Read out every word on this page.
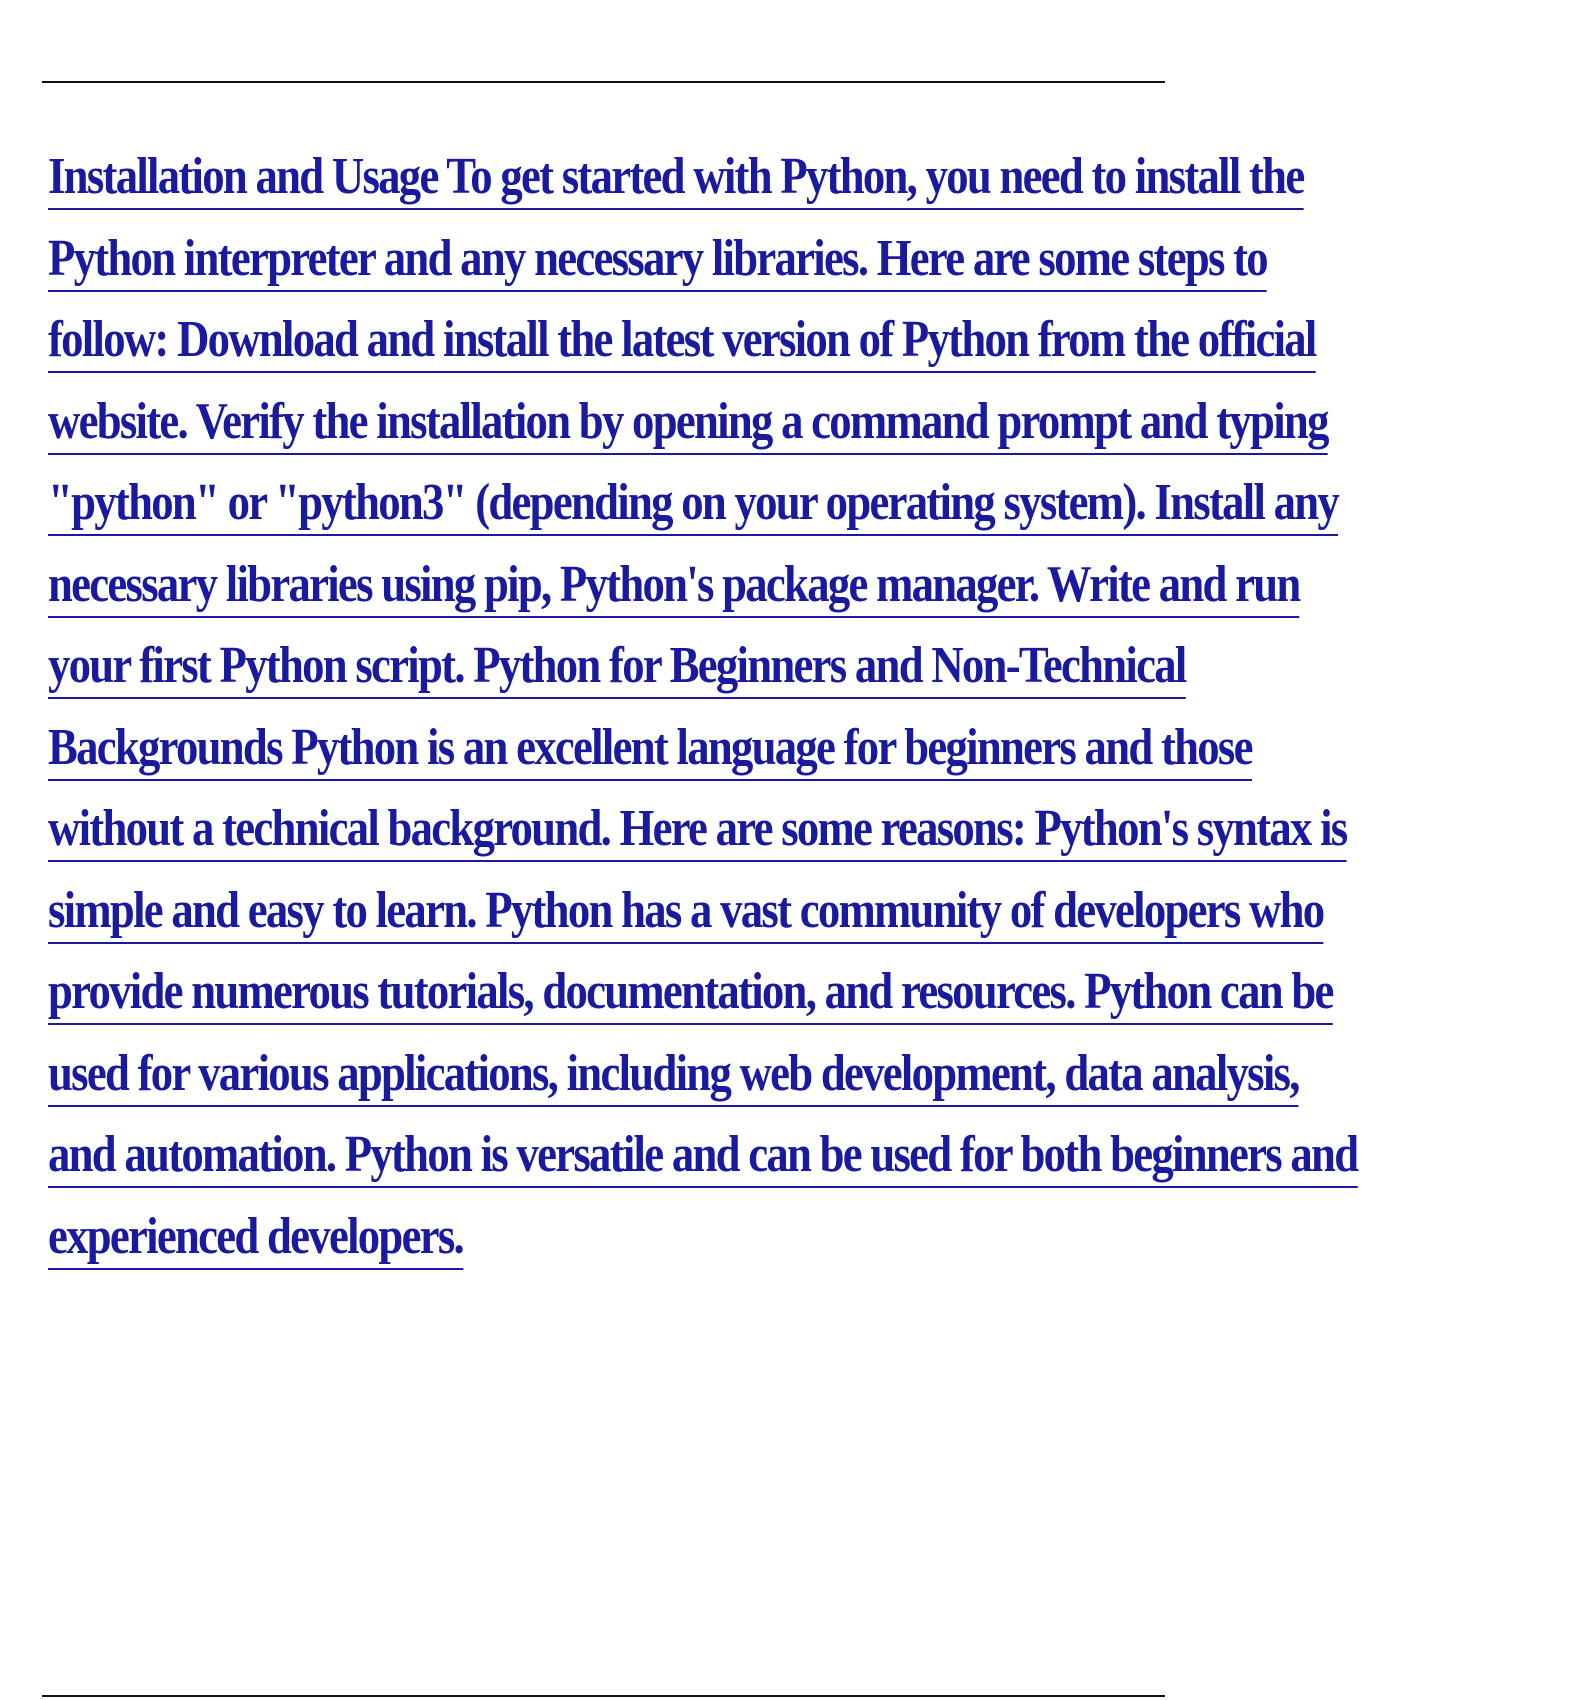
Installation and Usage To get started with Python, you need to install the
Python interpreter and any necessary libraries. Here are some steps to
follow: Download and install the latest version of Python from the official
website. Verify the installation by opening a command prompt and typing
"python" or "python3" (depending on your operating system). Install any
necessary libraries using pip, Python's package manager. Write and run
your first Python script. Python for Beginners and Non-Technical
Backgrounds Python is an excellent language for beginners and those
without a technical background. Here are some reasons: Python's syntax is
simple and easy to learn. Python has a vast community of developers who
provide numerous tutorials, documentation, and resources. Python can be
used for various applications, including web development, data analysis,
and automation. Python is versatile and can be used for both beginners and
experienced developers.
